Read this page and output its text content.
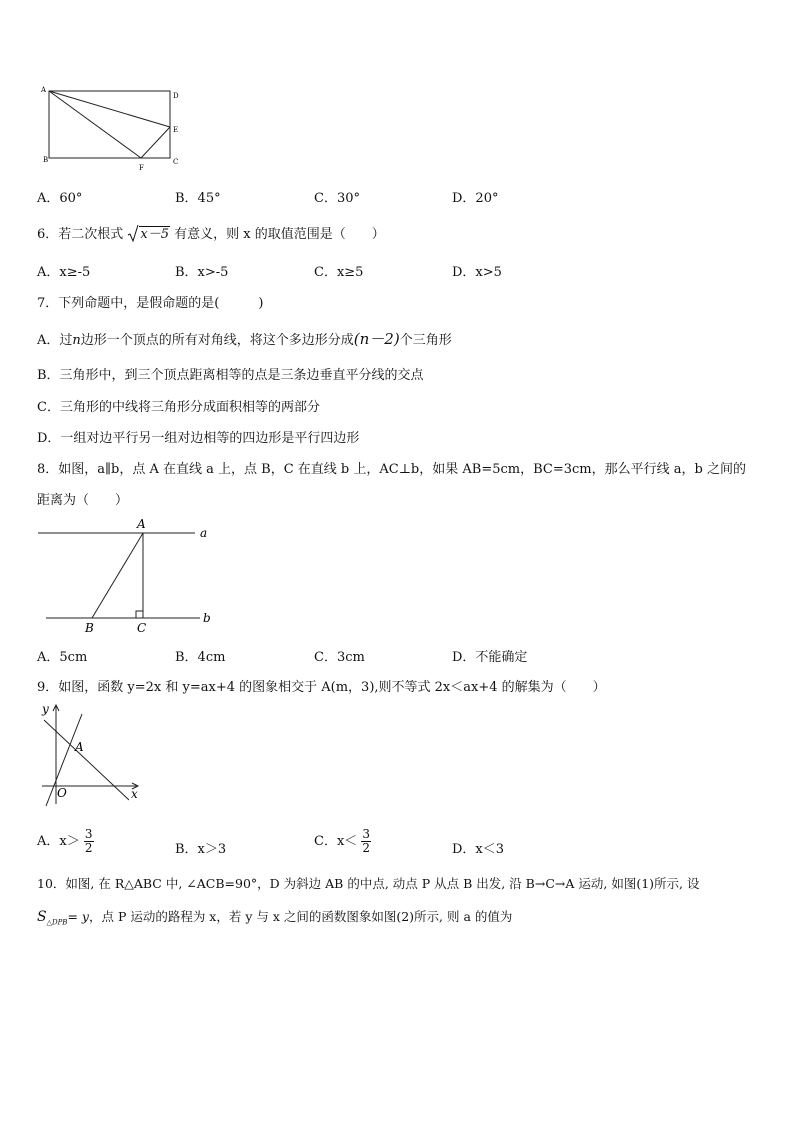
A
D
E
B
F
C
A．60°	B．45°	C．30°	D．20°
6．若二次根式 x－5 有意义，则 x 的取值范围是（　　）
A．x≥-5	B．x>-5	C．x≥5	D．x>5
7．下列命题中，是假命题的是(　　　)
A．过n边形一个顶点的所有对角线，将这个多边形分成(n－2)个三角形
B．三角形中，到三个顶点距离相等的点是三条边垂直平分线的交点
C．三角形的中线将三角形分成面积相等的两部分
D．一组对边平行另一组对边相等的四边形是平行四边形
8．如图，a∥b，点 A 在直线 a 上，点 B，C 在直线 b 上，AC⊥b，如果 AB=5cm，BC=3cm，那么平行线 a，b 之间的
距离为（　　）
A
a
b
B	C
A．5cm	B．4cm	C．3cm	D．不能确定
9．如图，函数 y=2x 和 y=ax+4 的图象相交于 A(m，3),则不等式 2x＜ax+4 的解集为（　　）
y
A
O	x
A．$x> \frac{3}{2}$	B．x＞3
C．$x< \frac{3}{2}$	D．x＜3
10．如图, 在 R△ABC 中, ∠ACB=90°，D 为斜边 AB 的中点, 动点 P 从点 B 出发, 沿 B→C→A 运动, 如图(1)所示, 设
$S_{\triangle DPB}= y$，点 P 运动的路程为 x，若 y 与 x 之间的函数图象如图(2)所示, 则 a 的值为
